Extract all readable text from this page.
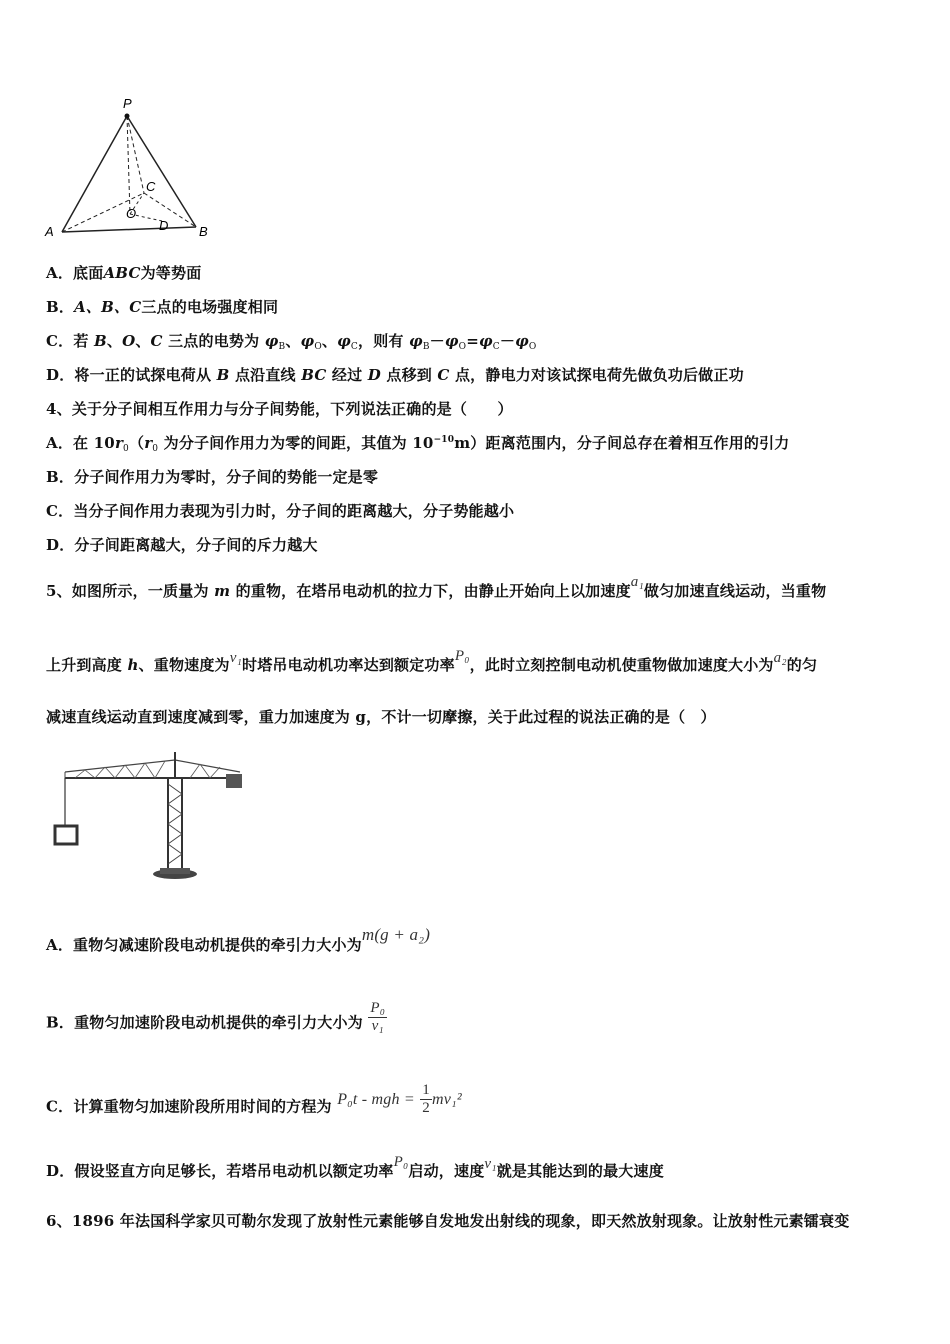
P
A	B
C
O
D
A．底面ABC为等势面
B．A、B、C三点的电场强度相同
C．若 B、O、C 三点的电势为 $\varphi_B$、$\varphi_O$、$\varphi_C$，则有 $\varphi_B-\varphi_O=\varphi_C-\varphi_O$
D．将一正的试探电荷从 B 点沿直线 BC 经过 D 点移到 C 点，静电力对该试探电荷先做负功后做正功
4、关于分子间相互作用力与分子间势能，下列说法正确的是（　　）
A．在 $10r_0(r_0$ 为分子间作用力为零的间距，其值为 $10^{-10}m$）距离范围内，分子间总存在着相互作用的引力
B．分子间作用力为零时，分子间的势能一定是零
C．当分子间作用力表现为引力时，分子间的距离越大，分子势能越小
D．分子间距离越大，分子间的斥力越大
5、如图所示，一质量为 m 的重物，在塔吊电动机的拉力下，由静止开始向上以加速度a₁做匀加速直线运动，当重物
上升到高度 h、重物速度为v₁时塔吊电动机功率达到额定功率P₀，此时立刻控制电动机使重物做加速度大小为a₂的匀
减速直线运动直到速度减到零，重力加速度为 g，不计一切摩擦，关于此过程的说法正确的是（　）
A．重物匀减速阶段电动机提供的牵引力大小为m(g + a₂)
B．重物匀加速阶段电动机提供的牵引力大小为 $\frac{\text{P₀}}{\text{v₁}}$
C．计算重物匀加速阶段所用时间的方程为 P₀t - mgh = $\frac{1}{2} mv_1^2$
D．假设竖直方向足够长，若塔吊电动机以额定功率P₀启动，速度v₁就是其能达到的最大速度
6、1896 年法国科学家贝可勒尔发现了放射性元素能够自发地发出射线的现象，即天然放射现象。让放射性元素镭衰变
